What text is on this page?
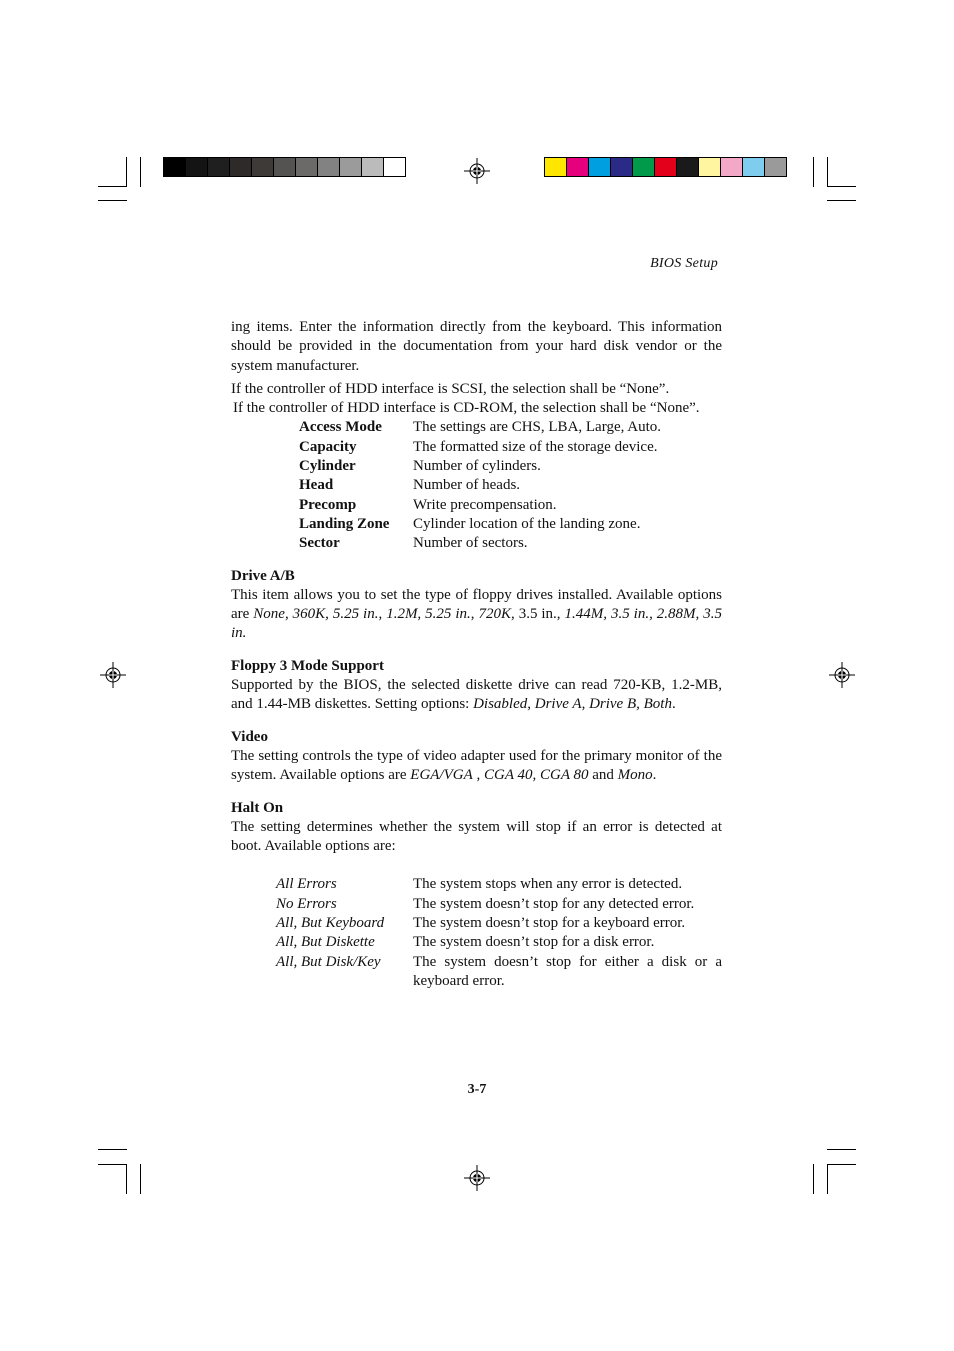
BIOS Setup

ing items. Enter the information directly from the keyboard. This information should be provided in the documentation from your hard disk vendor or the system manufacturer.

If the controller of HDD interface is SCSI, the selection shall be “None”.

If the controller of HDD interface is CD-ROM, the selection shall be “None”.

Access Mode	The settings are CHS, LBA, Large, Auto.
Capacity	The formatted size of the storage device.
Cylinder	Number of cylinders.
Head	Number of heads.
Precomp	Write precompensation.
Landing Zone	Cylinder location of the landing zone.
Sector	Number of sectors.

Drive A/B

This item allows you to set the type of floppy drives installed. Available options are None, 360K, 5.25 in., 1.2M, 5.25 in., 720K, 3.5 in., 1.44M, 3.5 in., 2.88M, 3.5 in.

Floppy 3 Mode Support

Supported by the BIOS, the selected diskette drive can read 720-KB, 1.2-MB, and 1.44-MB diskettes. Setting options: Disabled, Drive A, Drive B, Both.

Video

The setting controls the type of video adapter used for the primary monitor of the system. Available options are EGA/VGA , CGA 40, CGA 80 and Mono.

Halt On

The setting determines whether the system will stop if an error is detected at boot. Available options are:

All Errors	The system stops when any error is detected.
No Errors	The system doesn’t stop for any detected error.
All, But Keyboard	The system doesn’t stop for a keyboard error.
All, But Diskette	The system doesn’t stop for a disk error.
All, But Disk/Key	The system doesn’t stop for either a disk or a keyboard error.
3-7
